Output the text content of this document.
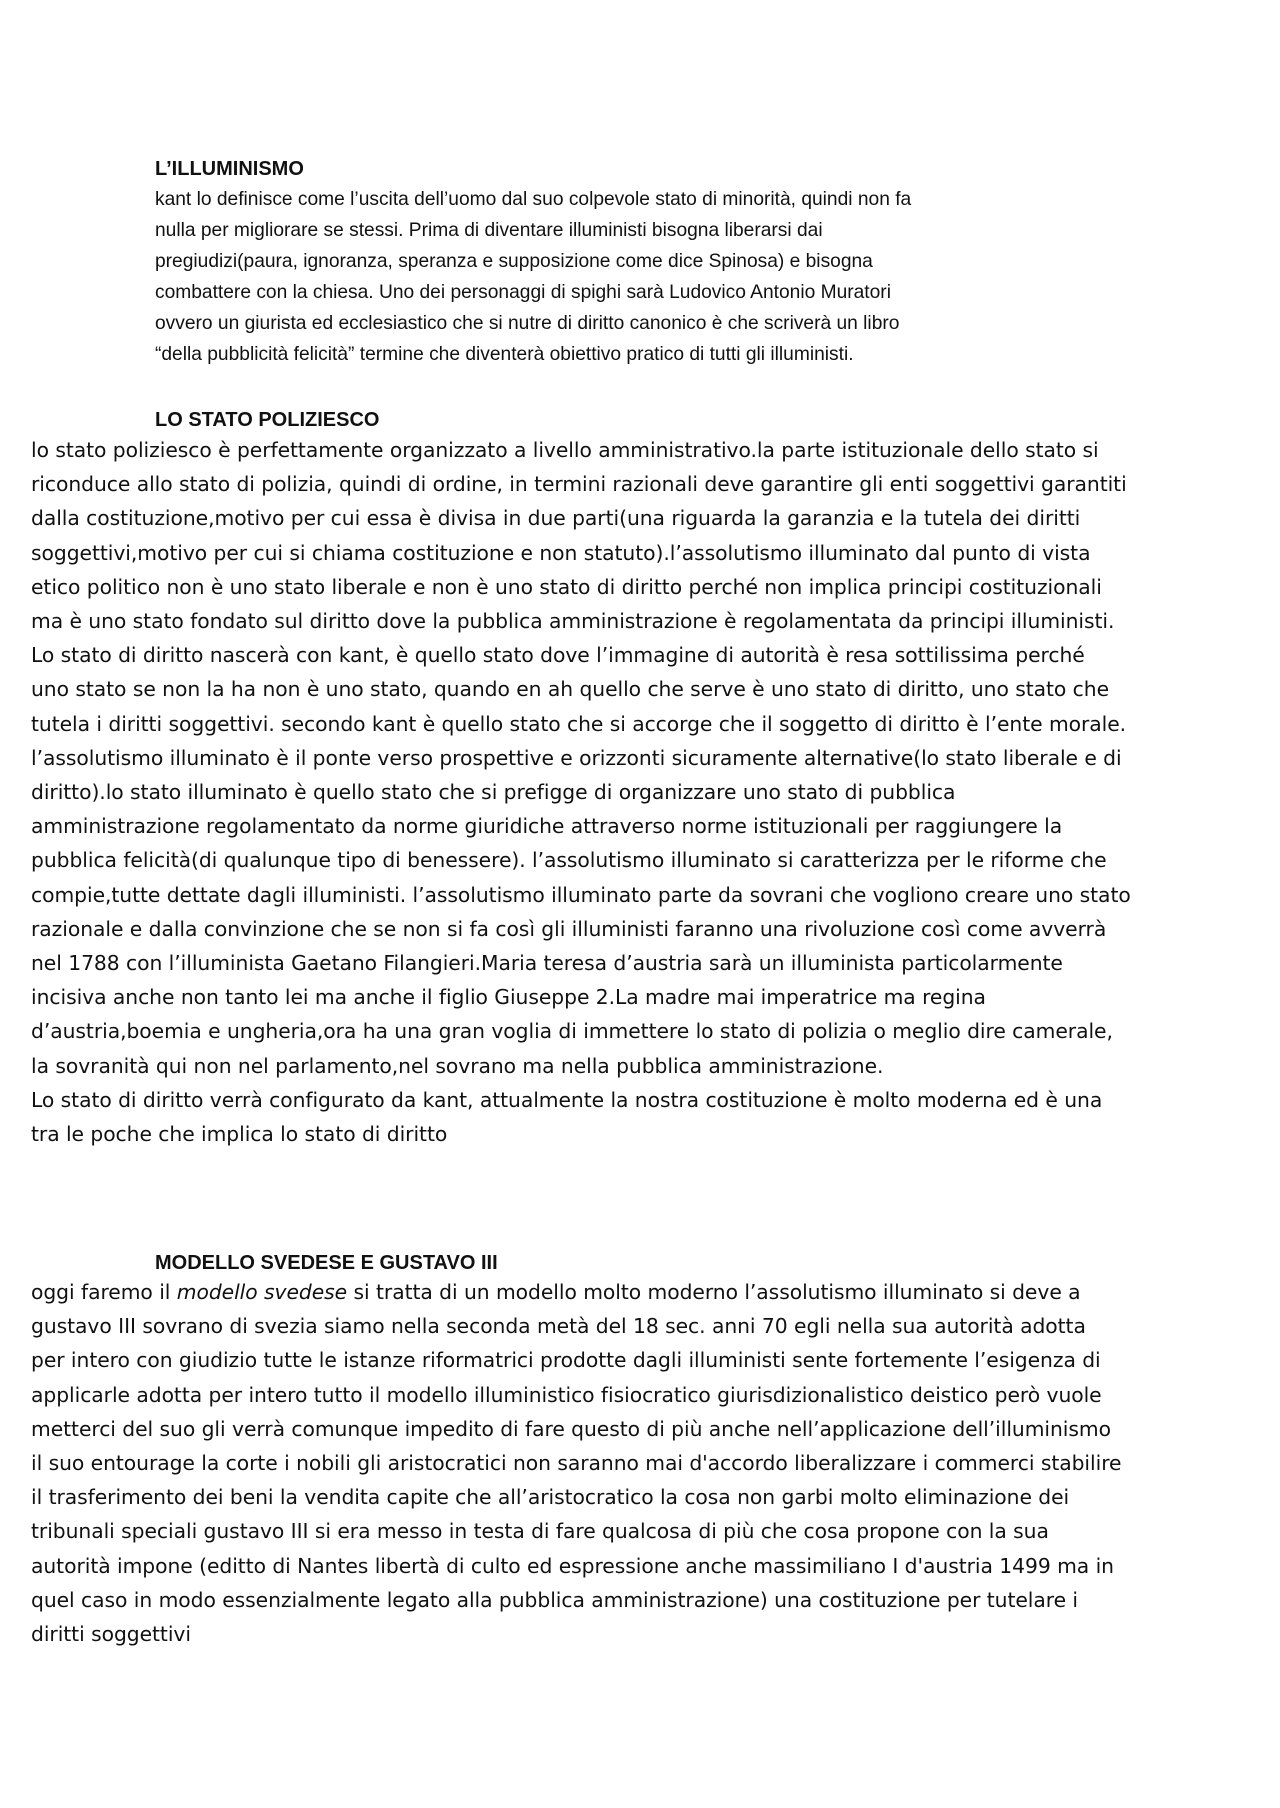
L’ILLUMINISMO
kant lo definisce come l’uscita dell’uomo dal suo colpevole stato di minorità, quindi non fa
nulla per migliorare se stessi. Prima di diventare illuministi bisogna liberarsi dai
pregiudizi(paura, ignoranza, speranza e supposizione come dice Spinosa) e bisogna
combattere con la chiesa. Uno dei personaggi di spighi sarà Ludovico Antonio Muratori
ovvero un giurista ed ecclesiastico che si nutre di diritto canonico è che scriverà un libro
“della pubblicità felicità” termine che diventerà obiettivo pratico di tutti gli illuministi.
LO STATO POLIZIESCO
lo stato poliziesco è perfettamente organizzato a livello amministrativo.la parte istituzionale dello stato si
riconduce allo stato di polizia, quindi di ordine, in termini razionali deve garantire gli enti soggettivi garantiti
dalla costituzione,motivo per cui essa è divisa in due parti(una riguarda la garanzia e la tutela dei diritti
soggettivi,motivo per cui si chiama costituzione e non statuto).l’assolutismo illuminato dal punto di vista
etico politico non è uno stato liberale e non è uno stato di diritto perché non implica principi costituzionali
ma è uno stato fondato sul diritto dove la pubblica amministrazione è regolamentata da principi illuministi.
Lo stato di diritto nascerà con kant, è quello stato dove l’immagine di autorità è resa sottilissima perché
uno stato se non la ha non è uno stato, quando en ah quello che serve è uno stato di diritto, uno stato che
tutela i diritti soggettivi. secondo kant è quello stato che si accorge che il soggetto di diritto è l’ente morale.
l’assolutismo illuminato è il ponte verso prospettive e orizzonti sicuramente alternative(lo stato liberale e di
diritto).lo stato illuminato è quello stato che si prefigge di organizzare uno stato di pubblica
amministrazione regolamentato da norme giuridiche attraverso norme istituzionali per raggiungere la
pubblica felicità(di qualunque tipo di benessere). l’assolutismo illuminato si caratterizza per le riforme che
compie,tutte dettate dagli illuministi. l’assolutismo illuminato parte da sovrani che vogliono creare uno stato
razionale e dalla convinzione che se non si fa così gli illuministi faranno una rivoluzione così come avverrà
nel 1788 con l’illuminista Gaetano Filangieri.Maria teresa d’austria sarà un illuminista particolarmente
incisiva anche non tanto lei ma anche il figlio Giuseppe 2.La madre mai imperatrice ma regina
d’austria,boemia e ungheria,ora ha una gran voglia di immettere lo stato di polizia o meglio dire camerale,
la sovranità qui non nel parlamento,nel sovrano ma nella pubblica amministrazione.
Lo stato di diritto verrà configurato da kant, attualmente la nostra costituzione è molto moderna ed è una
tra le poche che implica lo stato di diritto
MODELLO SVEDESE E GUSTAVO III
oggi faremo il modello svedese si tratta di un modello molto moderno l’assolutismo illuminato si deve a
gustavo III sovrano di svezia siamo nella seconda metà del 18 sec. anni 70 egli nella sua autorità adotta
per intero con giudizio tutte le istanze riformatrici prodotte dagli illuministi sente fortemente l’esigenza di
applicarle adotta per intero tutto il modello illuministico fisiocratico giurisdizionalistico deistico però vuole
metterci del suo gli verrà comunque impedito di fare questo di più anche nell’applicazione dell’illuminismo
il suo entourage la corte i nobili gli aristocratici non saranno mai d'accordo liberalizzare i commerci stabilire
il trasferimento dei beni la vendita capite che all’aristocratico la cosa non garbi molto eliminazione dei
tribunali speciali gustavo III si era messo in testa di fare qualcosa di più che cosa propone con la sua
autorità impone (editto di Nantes libertà di culto ed espressione anche massimiliano I d'austria 1499 ma in
quel caso in modo essenzialmente legato alla pubblica amministrazione) una costituzione per tutelare i
diritti soggettivi
